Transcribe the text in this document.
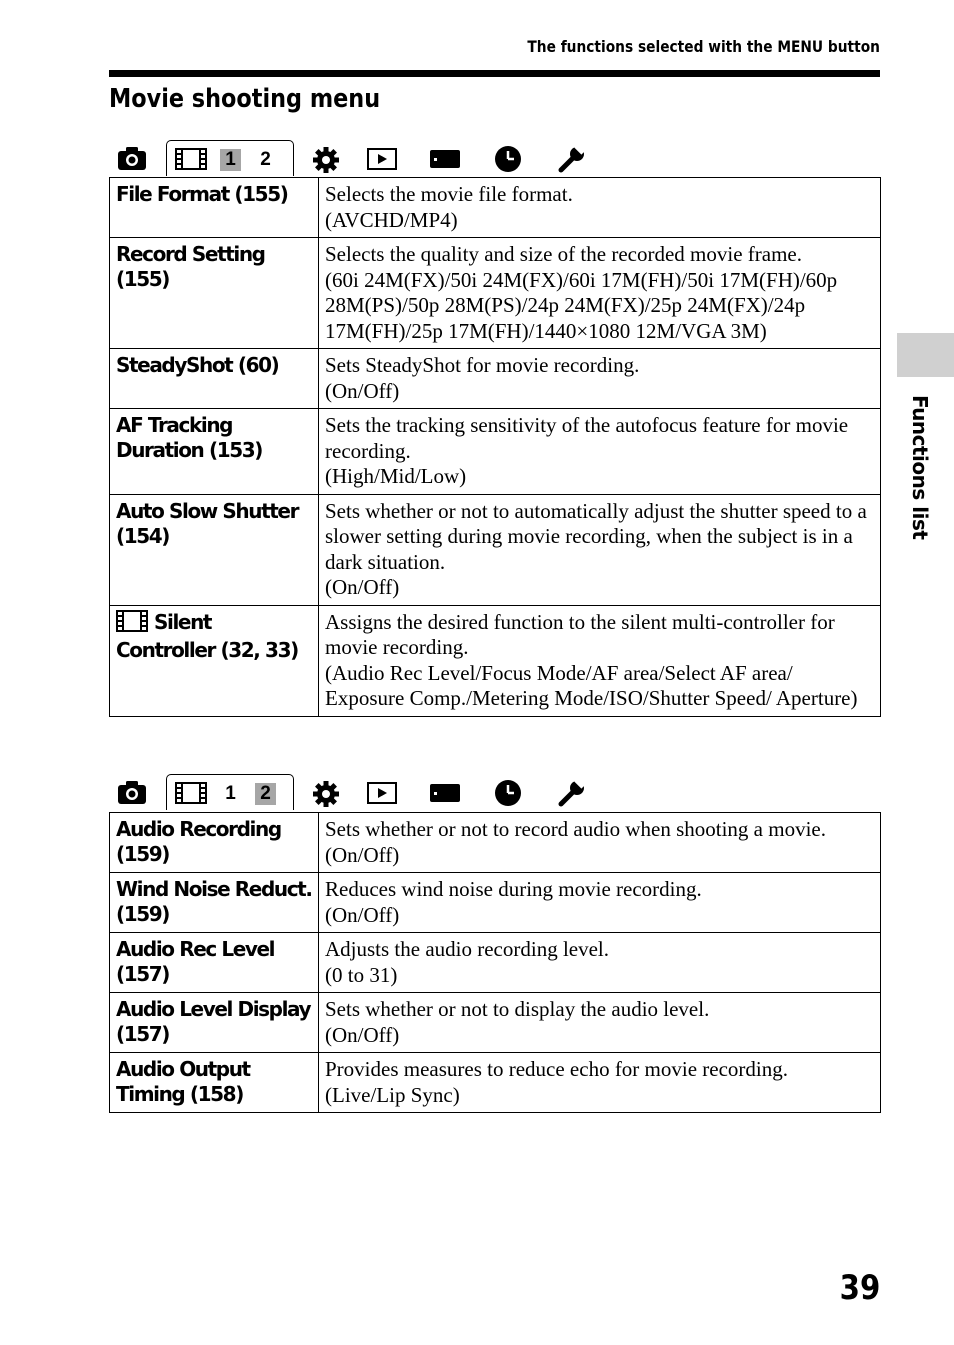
The functions selected with the MENU button
Movie shooting menu
1 2
File Format (155)	Selects the movie file format.
(AVCHD/MP4)
Record Setting (155)	Selects the quality and size of the recorded movie frame.
(60i 24M(FX)/50i 24M(FX)/60i 17M(FH)/50i 17M(FH)/60p 28M(PS)/50p 28M(PS)/24p 24M(FX)/25p 24M(FX)/24p 17M(FH)/25p 17M(FH)/1440×1080 12M/VGA 3M)
SteadyShot (60)	Sets SteadyShot for movie recording.
(On/Off)
AF Tracking Duration (153)	Sets the tracking sensitivity of the autofocus feature for movie recording.
(High/Mid/Low)
Auto Slow Shutter (154)	Sets whether or not to automatically adjust the shutter speed to a slower setting during movie recording, when the subject is in a dark situation.
(On/Off)
Silent Controller (32, 33)	Assigns the desired function to the silent multi-controller for movie recording.
(Audio Rec Level/Focus Mode/AF area/Select AF area/ Exposure Comp./Metering Mode/ISO/Shutter Speed/ Aperture)
1 2
Audio Recording (159)	Sets whether or not to record audio when shooting a movie.
(On/Off)
Wind Noise Reduct. (159)	Reduces wind noise during movie recording.
(On/Off)
Audio Rec Level (157)	Adjusts the audio recording level.
(0 to 31)
Audio Level Display (157)	Sets whether or not to display the audio level.
(On/Off)
Audio Output Timing (158)	Provides measures to reduce echo for movie recording.
(Live/Lip Sync)
Functions list
39
